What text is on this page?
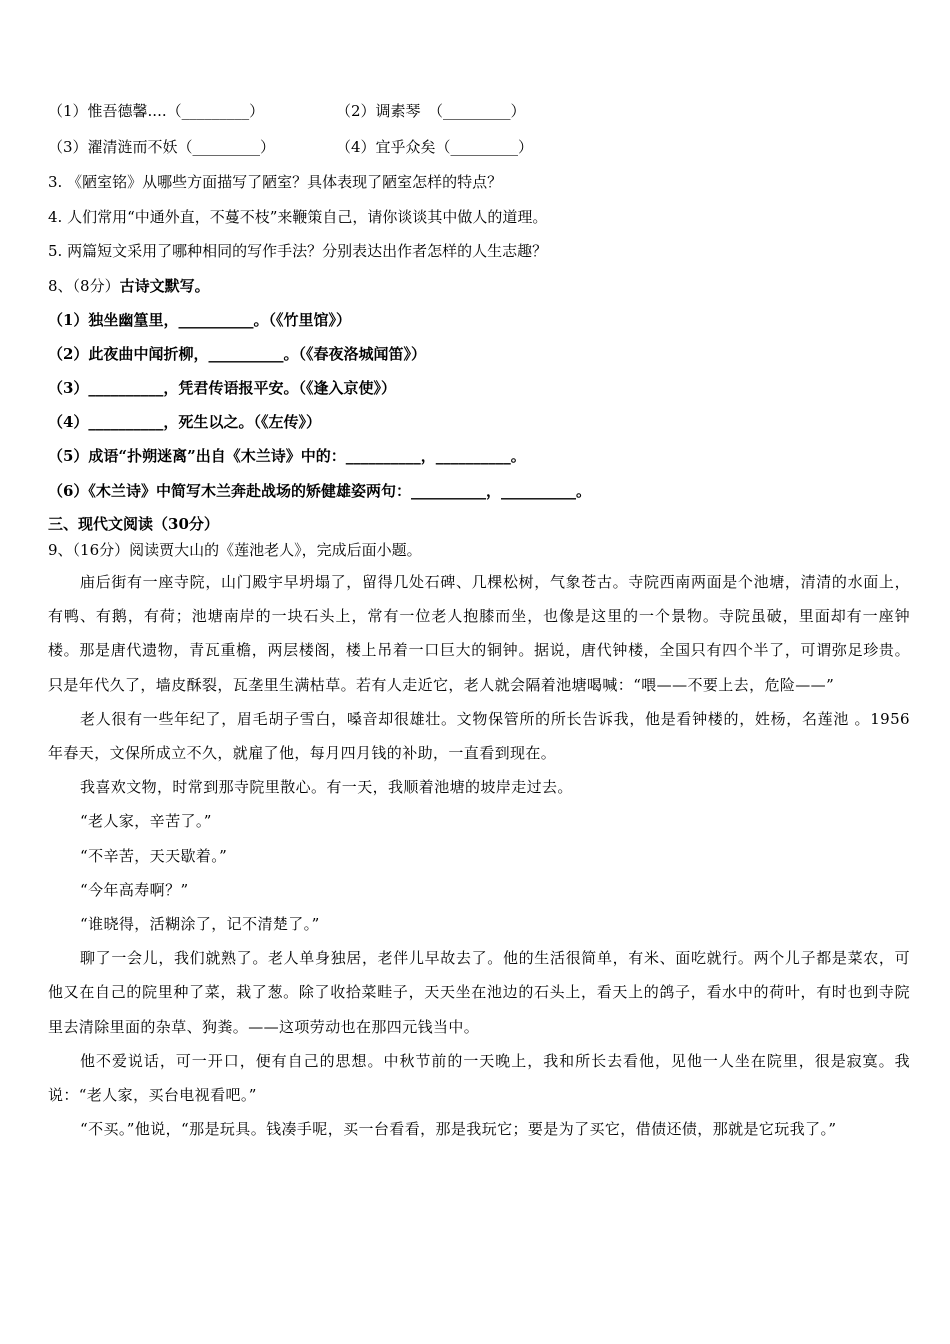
（1）惟吾德馨....（_________）	（2）调素琴　（_________）
（3）濯清涟而不妖（_________）	（4）宜乎众矣（_________）
3. 《陋室铭》从哪些方面描写了陋室？具体表现了陋室怎样的特点？
4. 人们常用“中通外直，不蔓不枝”来鞭策自己，请你谈谈其中做人的道理。
5. 两篇短文采用了哪种相同的写作手法？分别表达出作者怎样的人生志趣？
8、（8分）古诗文默写。
（1）独坐幽篁里，__________。（《竹里馆》）
（2）此夜曲中闻折柳，__________。（《春夜洛城闻笛》）
（3）__________，凭君传语报平安。（《逢入京使》）
（4）__________，死生以之。（《左传》）
（5）成语“扑朔迷离”出自《木兰诗》中的：__________，__________。
（6）《木兰诗》中简写木兰奔赴战场的矫健雄姿两句：__________，__________。
三、现代文阅读（30分）
9、（16分）阅读贾大山的《莲池老人》，完成后面小题。

庙后街有一座寺院，山门殿宇早坍塌了，留得几处石碑、几棵松树，气象苍古。寺院西南两面是个池塘，清清的水面上，有鸭、有鹅，有荷；池塘南岸的一块石头上，常有一位老人抱膝而坐，也像是这里的一个景物。寺院虽破，里面却有一座钟楼。那是唐代遗物，青瓦重檐，两层楼阁，楼上吊着一口巨大的铜钟。据说，唐代钟楼，全国只有四个半了，可谓弥足珍贵。只是年代久了，墙皮酥裂，瓦垄里生满枯草。若有人走近它，老人就会隔着池塘喝喊：“喂——不要上去，危险——”

老人很有一些年纪了，眉毛胡子雪白，嗓音却很雄壮。文物保管所的所长告诉我，他是看钟楼的，姓杨，名莲池 。1956年春天，文保所成立不久，就雇了他，每月四月钱的补助，一直看到现在。

我喜欢文物，时常到那寺院里散心。有一天，我顺着池塘的坡岸走过去。

“老人家，辛苦了。”

“不辛苦，天天歇着。”

“今年高寿啊？”

“谁晓得，活糊涂了，记不清楚了。”

聊了一会儿，我们就熟了。老人单身独居，老伴儿早故去了。他的生活很简单，有米、面吃就行。两个儿子都是菜农，可他又在自己的院里种了菜，栽了葱。除了收拾菜畦子，天天坐在池边的石头上，看天上的鸽子，看水中的荷叶，有时也到寺院里去清除里面的杂草、狗粪。——这项劳动也在那四元钱当中。

他不爱说话，可一开口，便有自己的思想。中秋节前的一天晚上，我和所长去看他，见他一人坐在院里，很是寂寞。我说：“老人家，买台电视看吧。”

“不买。”他说，“那是玩具。钱凑手呢，买一台看看，那是我玩它；要是为了买它，借债还债，那就是它玩我了。”
